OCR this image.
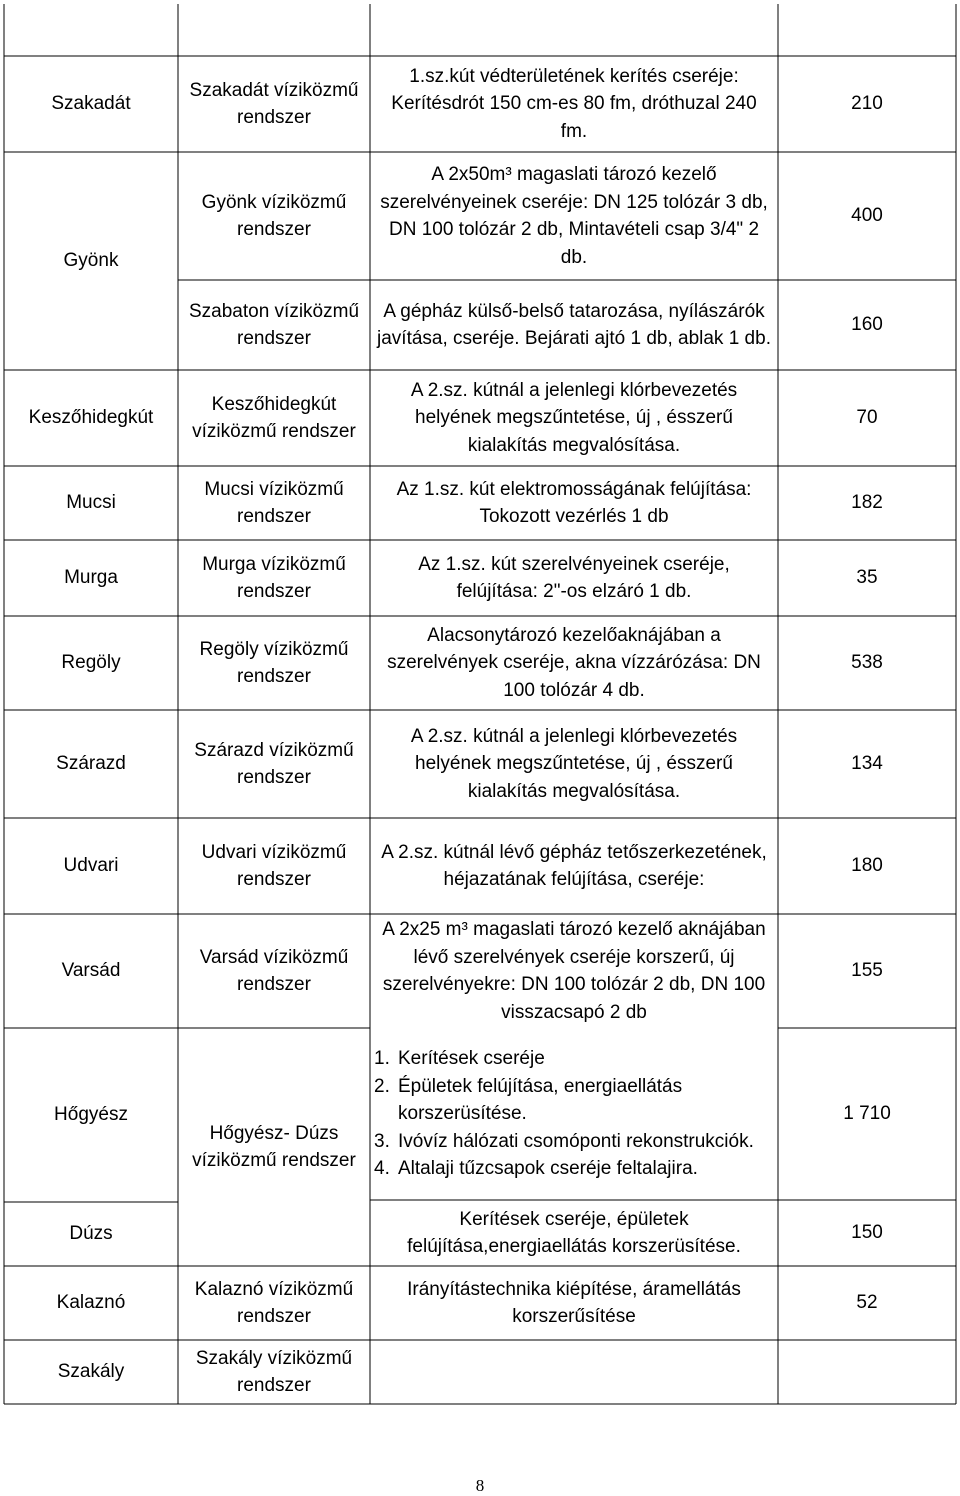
Szakadát
Szakadát víziközmű rendszer
1.sz.kút védterületének kerítés cseréje: Kerítésdrót 150 cm-es 80 fm, dróthuzal 240 fm.
210
Gyönk
Gyönk víziközmű rendszer
A 2x50m³ magaslati tározó kezelő szerelvényeinek cseréje: DN 125 tolózár 3 db, DN 100 tolózár 2 db, Mintavételi csap 3/4" 2 db.
400
Szabaton víziközmű rendszer
A gépház külső-belső tatarozása, nyílászárók javítása, cseréje. Bejárati ajtó 1 db, ablak 1 db.
160
Keszőhidegkút
Keszőhidegkút víziközmű rendszer
A 2.sz. kútnál a jelenlegi klórbevezetés helyének megszűntetése, új , ésszerű kialakítás megvalósítása.
70
Mucsi
Mucsi víziközmű rendszer
Az 1.sz. kút elektromosságának felújítása: Tokozott vezérlés 1 db
182
Murga
Murga víziközmű rendszer
Az 1.sz. kút szerelvényeinek cseréje, felújítása: 2"-os elzáró 1 db.
35
Regöly
Regöly víziközmű rendszer
Alacsonytározó kezelőaknájában a szerelvények cseréje, akna vízzárózása: DN 100 tolózár 4 db.
538
Szárazd
Szárazd víziközmű rendszer
A 2.sz. kútnál a jelenlegi klórbevezetés helyének megszűntetése, új , ésszerű kialakítás megvalósítása.
134
Udvari
Udvari víziközmű rendszer
A 2.sz. kútnál lévő gépház tetőszerkezetének, héjazatának felújítása, cseréje:
180
Varsád
Varsád víziközmű rendszer
A 2x25 m³ magaslati tározó kezelő aknájában lévő szerelvények cseréje korszerű, új szerelvényekre: DN 100 tolózár 2 db, DN 100 visszacsapó 2 db
155
Hőgyész
Hőgyész- Dúzs víziközmű rendszer
1. Kerítések cseréje
2. Épületek felújítása, energiaellátás korszerüsítése.
3. Ivóvíz hálózati csomóponti rekonstrukciók.
4. Altalaji tűzcsapok cseréje feltalajira.
1 710
Dúzs
Kerítések cseréje, épületek felújítása,energiaellátás korszerüsítése.
150
Kalaznó
Kalaznó víziközmű rendszer
Irányítástechnika kiépítése, áramellátás korszerűsítése
52
Szakály
Szakály víziközmű rendszer
8
